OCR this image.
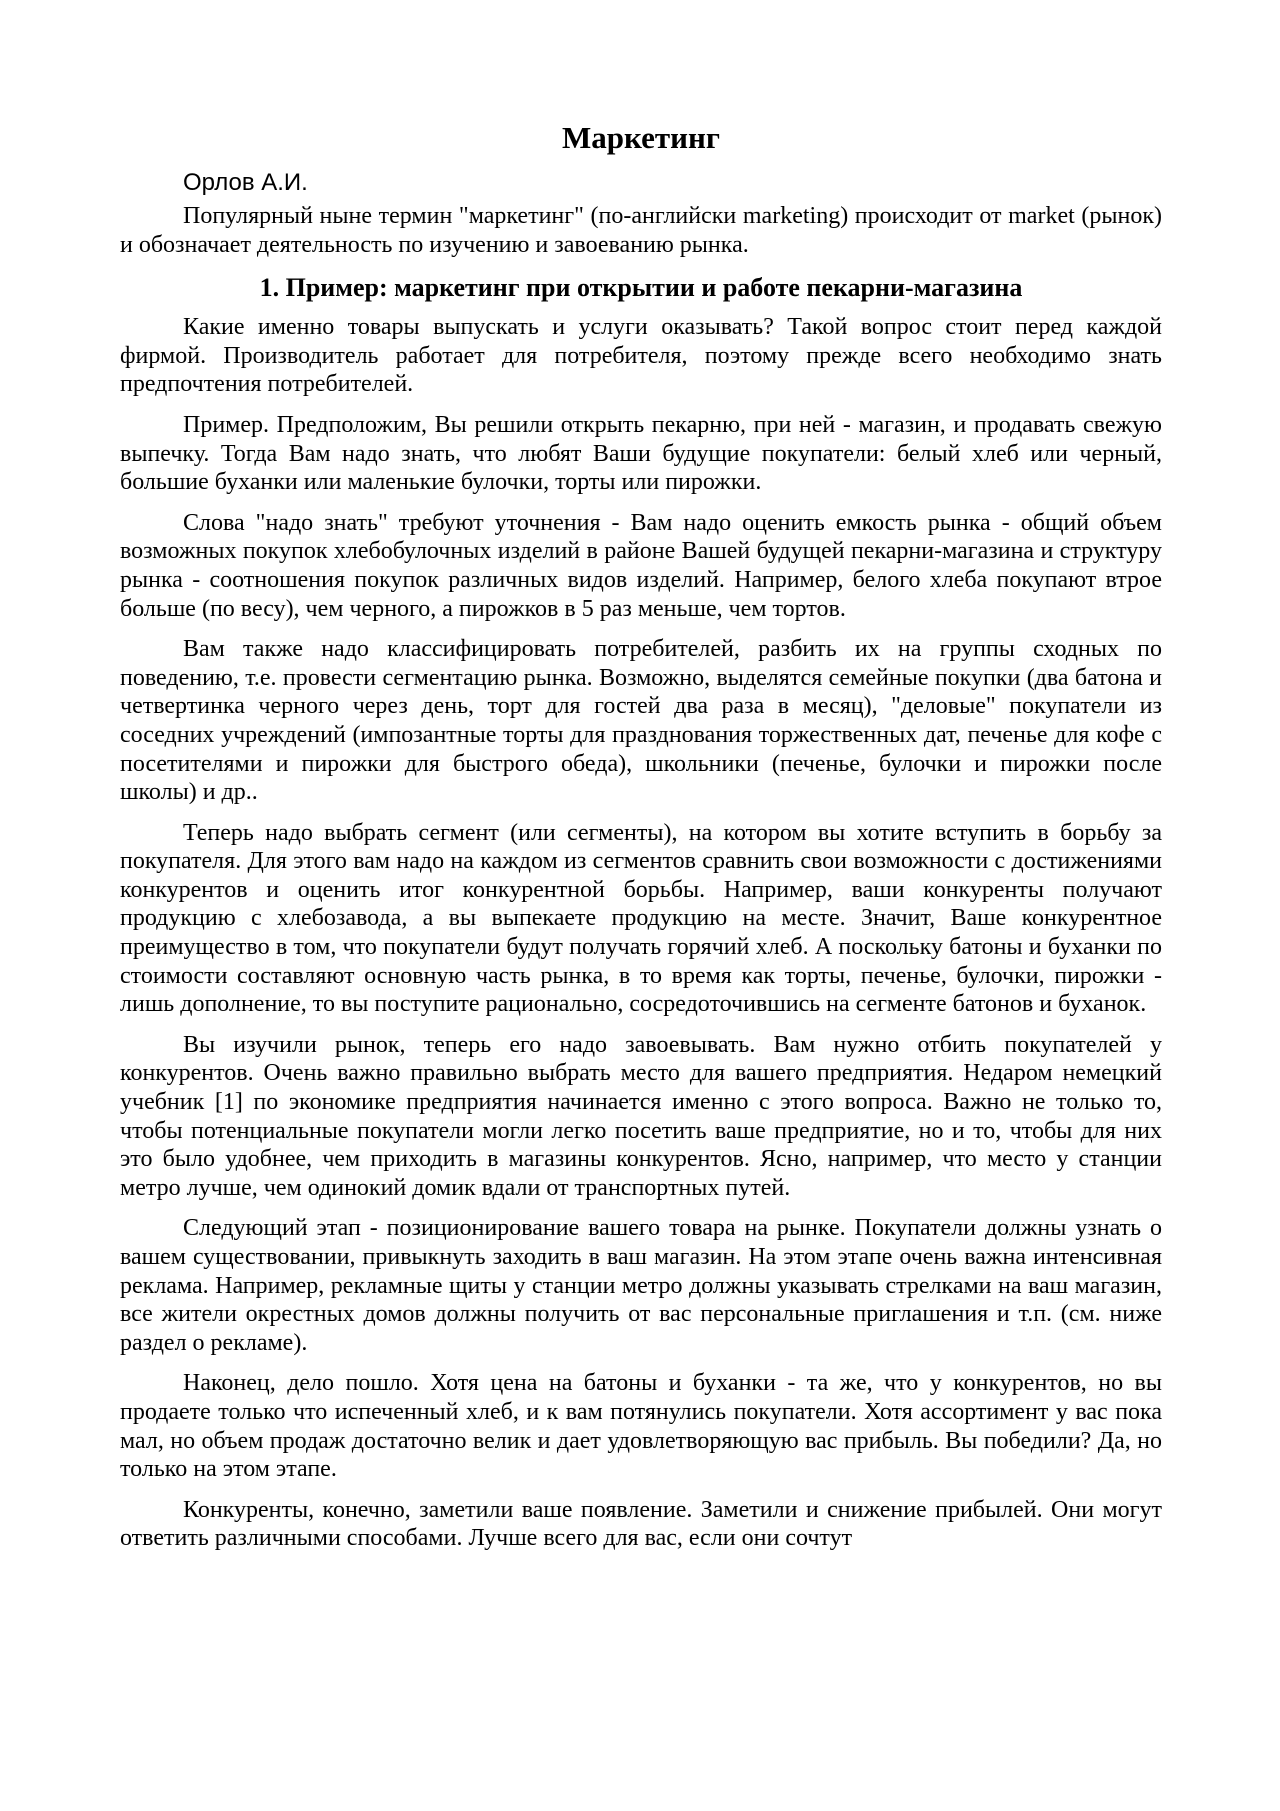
Маркетинг
Орлов А.И.

Популярный ныне термин "маркетинг" (по-английски marketing) происходит от market (рынок) и обозначает деятельность по изучению и завоеванию рынка.

1. Пример: маркетинг при открытии и работе пекарни-магазина

Какие именно товары выпускать и услуги оказывать? Такой вопрос стоит перед каждой фирмой. Производитель работает для потребителя, поэтому прежде всего необходимо знать предпочтения потребителей.

Пример. Предположим, Вы решили открыть пекарню, при ней - магазин, и продавать свежую выпечку. Тогда Вам надо знать, что любят Ваши будущие покупатели: белый хлеб или черный, большие буханки или маленькие булочки, торты или пирожки.

Слова "надо знать" требуют уточнения - Вам надо оценить емкость рынка - общий объем возможных покупок хлебобулочных изделий в районе Вашей будущей пекарни-магазина и структуру рынка - соотношения покупок различных видов изделий. Например, белого хлеба покупают втрое больше (по весу), чем черного, а пирожков в 5 раз меньше, чем тортов.

Вам также надо классифицировать потребителей, разбить их на группы сходных по поведению, т.е. провести сегментацию рынка. Возможно, выделятся семейные покупки (два батона и четвертинка черного через день, торт для гостей два раза в месяц), "деловые" покупатели из соседних учреждений (импозантные торты для празднования торжественных дат, печенье для кофе с посетителями и пирожки для быстрого обеда), школьники (печенье, булочки и пирожки после школы) и др..

Теперь надо выбрать сегмент (или сегменты), на котором вы хотите вступить в борьбу за покупателя. Для этого вам надо на каждом из сегментов сравнить свои возможности с достижениями конкурентов и оценить итог конкурентной борьбы. Например, ваши конкуренты получают продукцию с хлебозавода, а вы выпекаете продукцию на месте. Значит, Ваше конкурентное преимущество в том, что покупатели будут получать горячий хлеб. А поскольку батоны и буханки по стоимости составляют основную часть рынка, в то время как торты, печенье, булочки, пирожки - лишь дополнение, то вы поступите рационально, сосредоточившись на сегменте батонов и буханок.

Вы изучили рынок, теперь его надо завоевывать. Вам нужно отбить покупателей у конкурентов. Очень важно правильно выбрать место для вашего предприятия. Недаром немецкий учебник [1] по экономике предприятия начинается именно с этого вопроса. Важно не только то, чтобы потенциальные покупатели могли легко посетить ваше предприятие, но и то, чтобы для них это было удобнее, чем приходить в магазины конкурентов. Ясно, например, что место у станции метро лучше, чем одинокий домик вдали от транспортных путей.

Следующий этап - позиционирование вашего товара на рынке. Покупатели должны узнать о вашем существовании, привыкнуть заходить в ваш магазин. На этом этапе очень важна интенсивная реклама. Например, рекламные щиты у станции метро должны указывать стрелками на ваш магазин, все жители окрестных домов должны получить от вас персональные приглашения и т.п. (см. ниже раздел о рекламе).

Наконец, дело пошло. Хотя цена на батоны и буханки - та же, что у конкурентов, но вы продаете только что испеченный хлеб, и к вам потянулись покупатели. Хотя ассортимент у вас пока мал, но объем продаж достаточно велик и дает удовлетворяющую вас прибыль. Вы победили? Да, но только на этом этапе.

Конкуренты, конечно, заметили ваше появление. Заметили и снижение прибылей. Они могут ответить различными способами. Лучше всего для вас, если они сочтут
